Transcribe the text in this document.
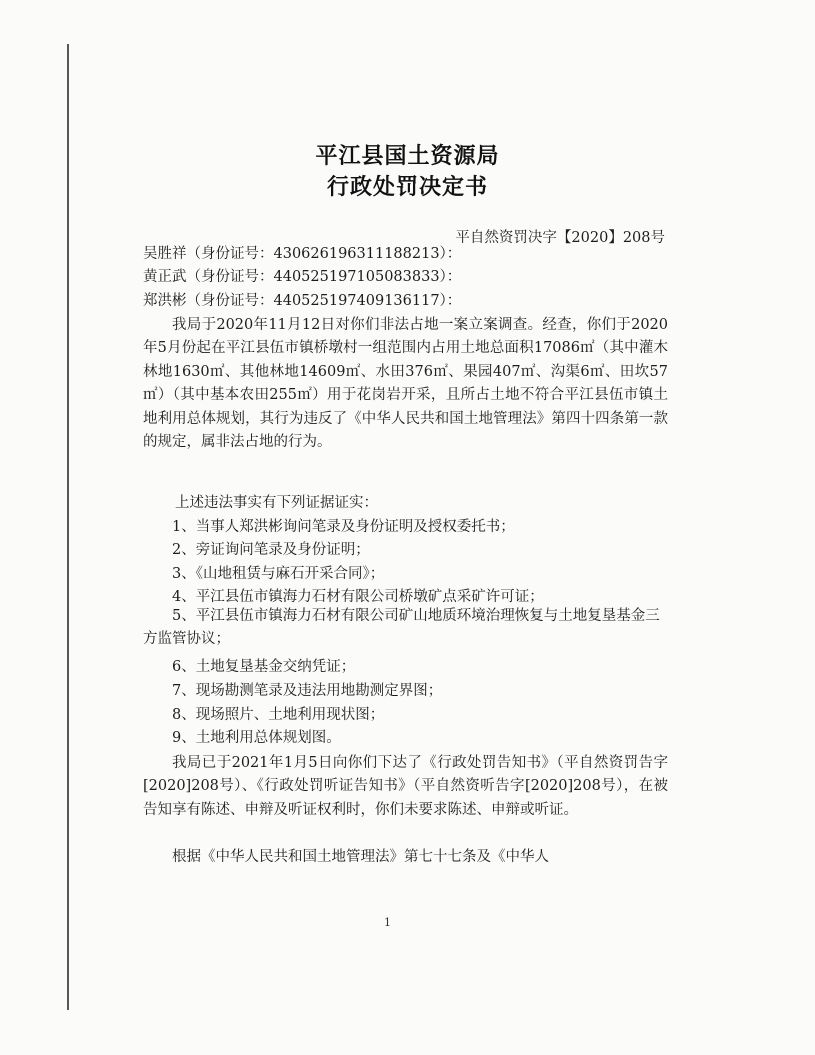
平江县国土资源局
行政处罚决定书
平自然资罚决字【2020】208号
吴胜祥（身份证号：430626196311188213）：
黄正武（身份证号：440525197105083833）：
郑洪彬（身份证号：440525197409136117）：
我局于2020年11月12日对你们非法占地一案立案调查。经查，你们于2020年5月份起在平江县伍市镇桥墩村一组范围内占用土地总面积17086㎡（其中灌木林地1630㎡、其他林地14609㎡、水田376㎡、果园407㎡、沟渠6㎡、田坎57㎡）（其中基本农田255㎡）用于花岗岩开采，且所占土地不符合平江县伍市镇土地利用总体规划，其行为违反了《中华人民共和国土地管理法》第四十四条第一款的规定，属非法占地的行为。
上述违法事实有下列证据证实：
1、当事人郑洪彬询问笔录及身份证明及授权委托书；
2、旁证询问笔录及身份证明；
3、《山地租赁与麻石开采合同》；
4、平江县伍市镇海力石材有限公司桥墩矿点采矿许可证；
5、平江县伍市镇海力石材有限公司矿山地质环境治理恢复与土地复垦基金三方监管协议；
6、土地复垦基金交纳凭证；
7、现场勘测笔录及违法用地勘测定界图；
8、现场照片、土地利用现状图；
9、土地利用总体规划图。
我局已于2021年1月5日向你们下达了《行政处罚告知书》（平自然资罚告字[2020]208号）、《行政处罚听证告知书》（平自然资听告字[2020]208号），在被告知享有陈述、申辩及听证权利时，你们未要求陈述、申辩或听证。
根据《中华人民共和国土地管理法》第七十七条及《中华人
1
